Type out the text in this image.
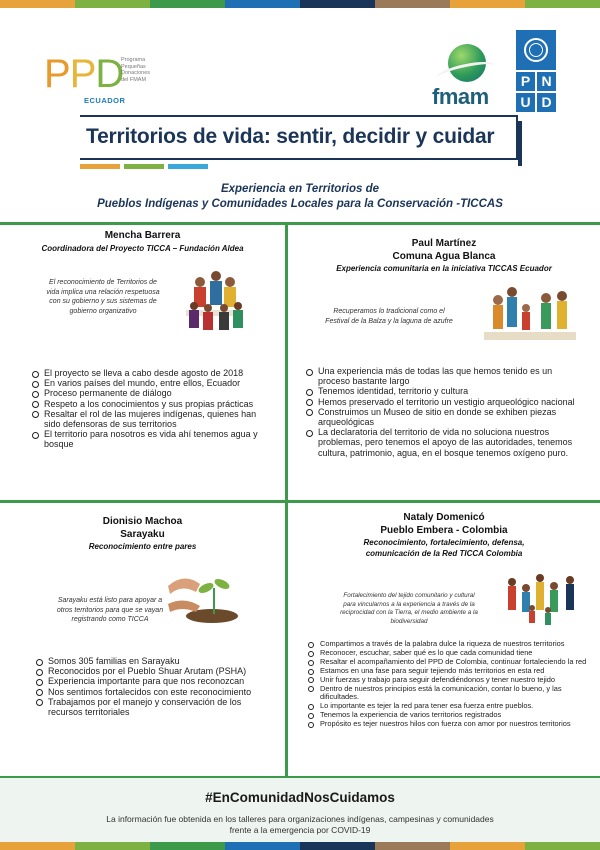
PPD
Programa
Pequeñas
Donaciones
del FMAM
ECUADOR	fmam
P N
U D
Territorios de vida: sentir, decidir y cuidar
Experiencia en Territorios de
Pueblos Indígenas y Comunidades Locales para la Conservación -TICCAS
Mencha Barrera
Coordinadora del Proyecto TICCA – Fundación Aldea
El reconocimiento de Territorios de
vida implica una relación respetuosa
con su gobierno y sus sistemas de
gobierno organizativo
El proyecto se lleva a cabo desde agosto de 2018
En varios países del mundo, entre ellos, Ecuador
Proceso permanente de diálogo
Respeto a los conocimientos y sus propias prácticas
Resaltar el rol de las mujeres indígenas, quienes han sido defensoras de sus territorios
El territorio para nosotros es vida ahí tenemos agua y bosque
Paul Martínez
Comuna Agua Blanca
Experiencia comunitaria en la iniciativa TICCAS Ecuador
Recuperamos lo tradicional como el
Festival de la Balza y la laguna de azufre
Una experiencia más de todas las que hemos tenido es un proceso bastante largo
Tenemos identidad, territorio y cultura
Hemos preservado el territorio un vestigio arqueológico nacional
Construimos un Museo de sitio en donde se exhiben piezas arqueológicas
La declaratoria del territorio de vida no soluciona nuestros problemas, pero tenemos el apoyo de las autoridades, tenemos cultura, patrimonio, agua, en el bosque tenemos oxígeno puro.
Dionisio Machoa
Sarayaku
Reconocimiento entre pares
Sarayaku está listo para apoyar a
otros territorios para que se vayan
registrando como TICCA
Somos 305 familias en Sarayaku
Reconocidos por el Pueblo Shuar Arutam (PSHA)
Experiencia importante para que nos reconozcan
Nos sentimos fortalecidos con este reconocimiento
Trabajamos por el manejo y conservación de los recursos territoriales
Nataly Domenicó
Pueblo Embera - Colombia
Reconocimiento, fortalecimiento, defensa,
comunicación de la Red TICCA Colombia
Fortalecimiento del tejido comunitario y cultural
para vincularnos a la experiencia a través de la
reciprocidad con la Tierra, el medio ambiente a la
biodiversidad
Compartimos a través de la palabra dulce la riqueza de nuestros territorios
Reconocer, escuchar, saber qué es lo que cada comunidad tiene
Resaltar el acompañamiento del PPD de Colombia, continuar fortaleciendo la red
Estamos en una fase para seguir tejiendo más territorios en esta red
Unir fuerzas y trabajo para seguir defendiéndonos y tener nuestro tejido
Dentro de nuestros principios está la comunicación, contar lo bueno, y las dificultades.
Lo importante es tejer la red para tener esa fuerza entre pueblos.
Tenemos la experiencia de varios territorios registrados
Propósito es tejer nuestros hilos con fuerza con amor por nuestros territorios
#EnComunidadNosCuidamos
La información fue obtenida en los talleres para organizaciones indígenas, campesinas y comunidades
frente a la emergencia por COVID-19
